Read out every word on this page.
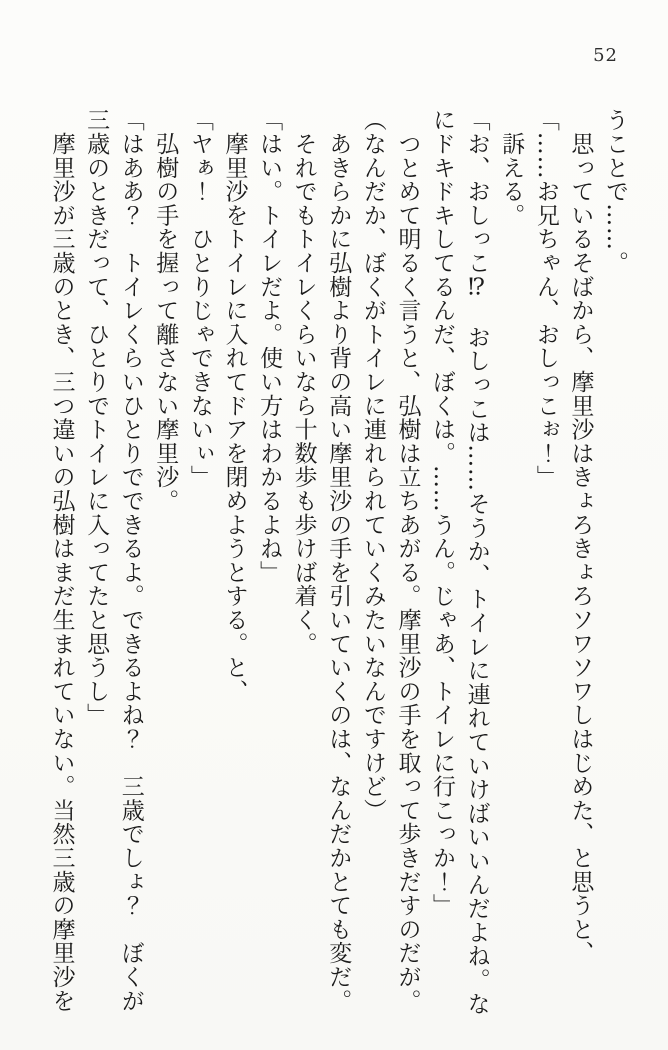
52

うことで……。

　思っているそばから、摩里沙はきょろきょろソワソワしはじめた、と思うと、

「……お兄ちゃん、おしっこぉ！」

　訴える。

「お、おしっこ⁉　おしっこは……そうか、トイレに連れていけばいいんだよね。な

にドキドキしてるんだ、ぼくは。……うん。じゃあ、トイレに行こっか！」

　つとめて明るく言うと、弘樹は立ちあがる。摩里沙の手を取って歩きだすのだが。

（なんだか、ぼくがトイレに連れられていくみたいなんですけど）

　あきらかに弘樹より背の高い摩里沙の手を引いていくのは、なんだかとても変だ。

　それでもトイレくらいなら十数歩も歩けば着く。

「はい。トイレだよ。使い方はわかるよね」

　摩里沙をトイレに入れてドアを閉めようとする。と、

「ヤぁ！　ひとりじゃできないぃ」

　弘樹の手を握って離さない摩里沙。

「はああ？　トイレくらいひとりでできるよ。できるよね？　三歳でしょ？　ぼくが

三歳のときだって、ひとりでトイレに入ってたと思うし」

　摩里沙が三歳のとき、三つ違いの弘樹はまだ生まれていない。当然三歳の摩里沙を
